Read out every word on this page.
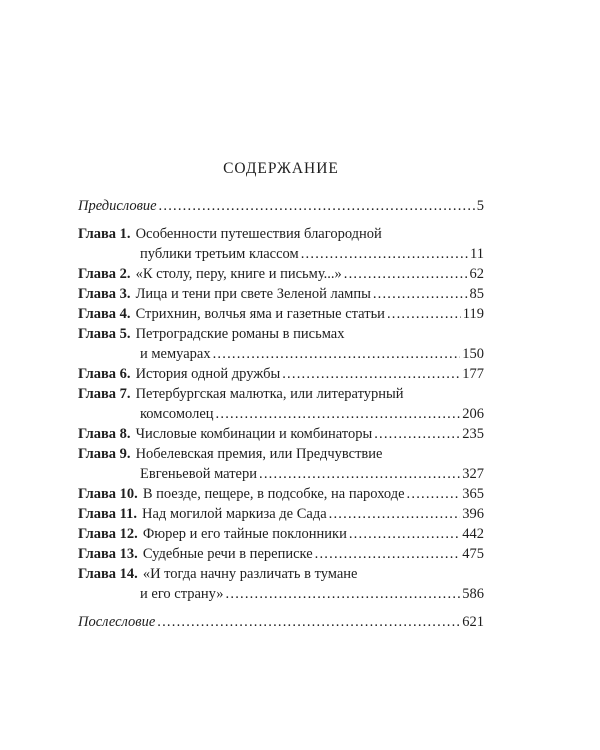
СОДЕРЖАНИЕ
Предисловие .....	5
Глава 1. Особенности путешествия благородной
публики третьим классом .....	11
Глава 2. «К столу, перу, книге и письму...» .....	62
Глава 3. Лица и тени при свете Зеленой лампы .....	85
Глава 4. Стрихнин, волчья яма и газетные статьи .....	119
Глава 5. Петроградские романы в письмах
и мемуарах .....	150
Глава 6. История одной дружбы .....	177
Глава 7. Петербургская малютка, или литературный
комсомолец .....	206
Глава 8. Числовые комбинации и комбинаторы .....	235
Глава 9. Нобелевская премия, или Предчувствие
Евгеньевой матери .....	327
Глава 10. В поезде, пещере, в подсобке, на пароходе .....	365
Глава 11. Над могилой маркиза де Сада .....	396
Глава 12. Фюрер и его тайные поклонники .....	442
Глава 13. Судебные речи в переписке .....	475
Глава 14. «И тогда начну различать в тумане
и его страну» .....	586
Послесловие .....	621
